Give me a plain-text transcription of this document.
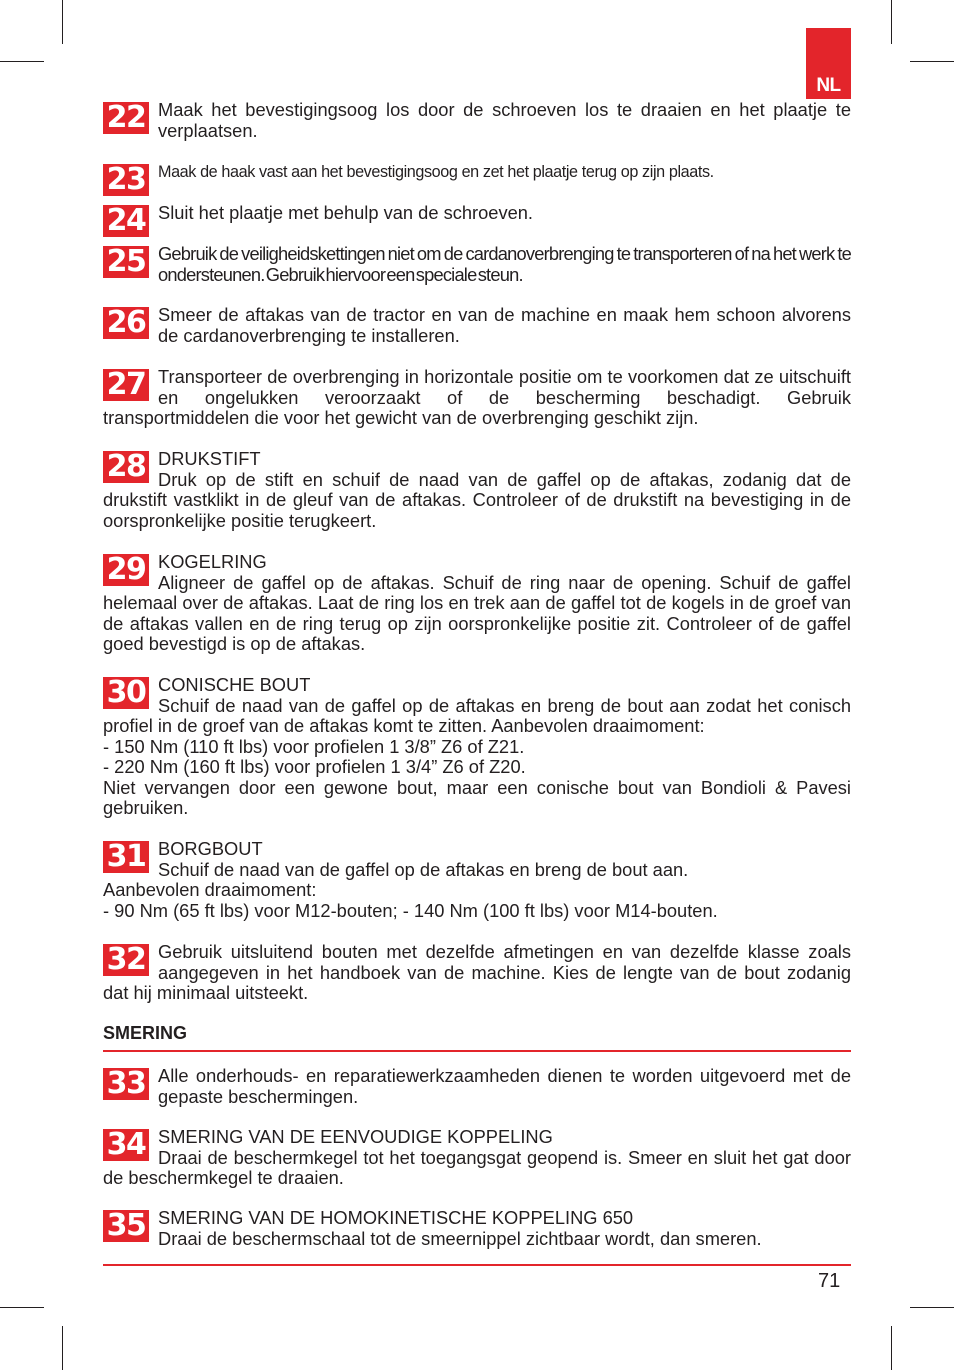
NL
22 Maak het bevestigingsoog los door de schroeven los te draaien en het plaatje te verplaatsen.
23 Maak de haak vast aan het bevestigingsoog en zet het plaatje terug op zijn plaats.
24 Sluit het plaatje met behulp van de schroeven.
25 Gebruik de veiligheidskettingen niet om de cardanoverbrenging te transporteren of na het werk te ondersteunen. Gebruik hiervoor een speciale steun.
26 Smeer de aftakas van de tractor en van de machine en maak hem schoon alvorens de cardanoverbrenging te installeren.
27 Transporteer de overbrenging in horizontale positie om te voorkomen dat ze uitschuift en ongelukken veroorzaakt of de bescherming beschadigt. Gebruik transportmiddelen die voor het gewicht van de overbrenging geschikt zijn.
28 DRUKSTIFT
Druk op de stift en schuif de naad van de gaffel op de aftakas, zodanig dat de drukstift vastklikt in de gleuf van de aftakas. Controleer of de drukstift na bevestiging in de oorspronkelijke positie terugkeert.
29 KOGELRING
Aligneer de gaffel op de aftakas. Schuif de ring naar de opening. Schuif de gaffel helemaal over de aftakas. Laat de ring los en trek aan de gaffel tot de kogels in de groef van de aftakas vallen en de ring terug op zijn oorspronkelijke positie zit. Controleer of de gaffel goed bevestigd is op de aftakas.
30 CONISCHE BOUT
Schuif de naad van de gaffel op de aftakas en breng de bout aan zodat het conisch profiel in de groef van de aftakas komt te zitten. Aanbevolen draaimoment:
- 150 Nm (110 ft lbs) voor profielen 1 3/8” Z6 of Z21.
- 220 Nm (160 ft lbs) voor profielen 1 3/4” Z6 of Z20.
Niet vervangen door een gewone bout, maar een conische bout van Bondioli & Pavesi gebruiken.
31 BORGBOUT
Schuif de naad van de gaffel op de aftakas en breng de bout aan.
Aanbevolen draaimoment:
- 90 Nm (65 ft lbs) voor M12-bouten; - 140 Nm (100 ft lbs) voor M14-bouten.
32 Gebruik uitsluitend bouten met dezelfde afmetingen en van dezelfde klasse zoals aangegeven in het handboek van de machine. Kies de lengte van de bout zodanig dat hij minimaal uitsteekt.
SMERING
33 Alle onderhouds- en reparatiewerkzaamheden dienen te worden uitgevoerd met de gepaste beschermingen.
34 SMERING VAN DE EENVOUDIGE KOPPELING
Draai de beschermkegel tot het toegangsgat geopend is. Smeer en sluit het gat door de beschermkegel te draaien.
35 SMERING VAN DE HOMOKINETISCHE KOPPELING 650
Draai de beschermschaal tot de smeernippel zichtbaar wordt, dan smeren.
71
